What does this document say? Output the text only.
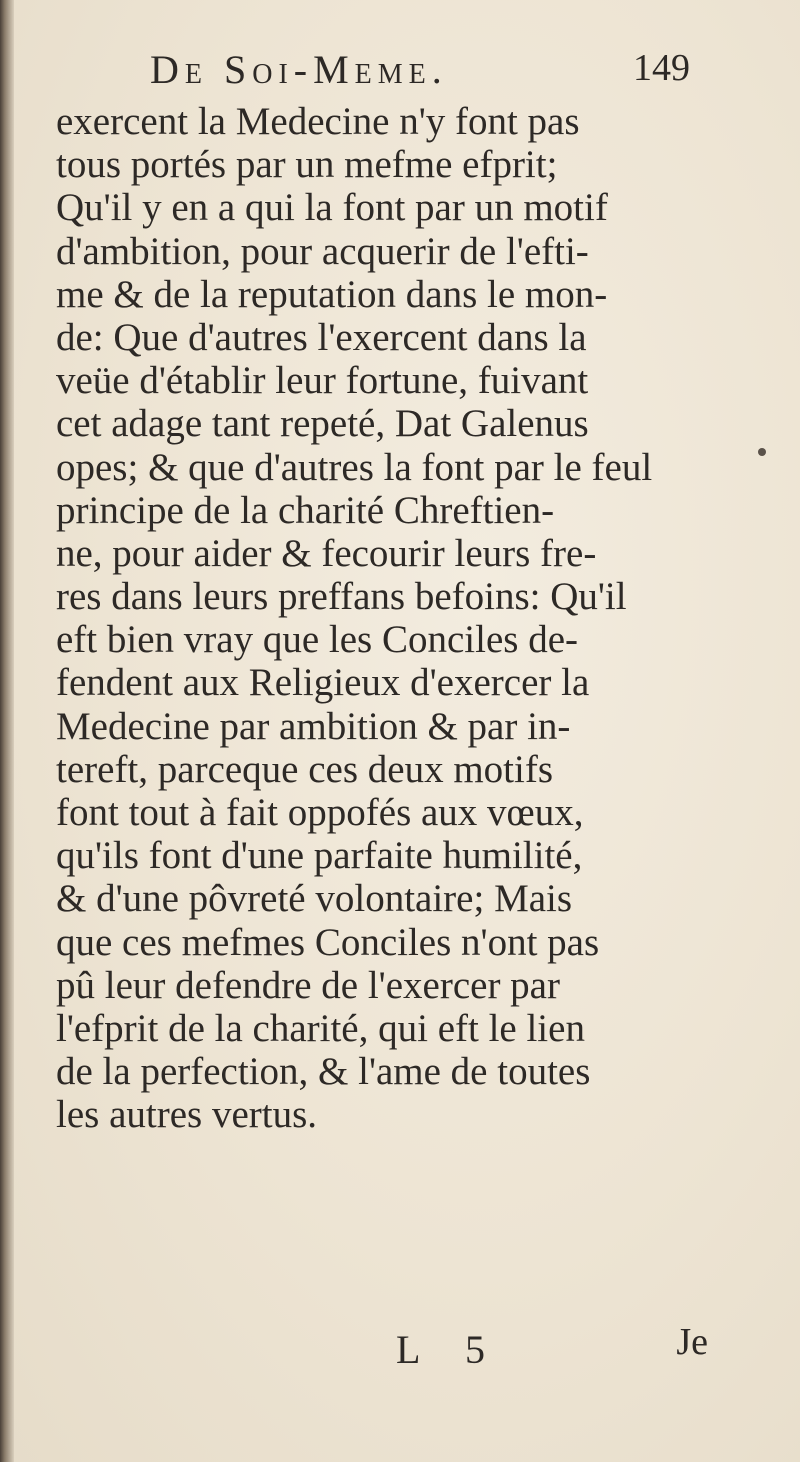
De Soi-Meme.	149
exercent la Medecine n'y font pas
tous portés par un mefme efprit;
Qu'il y en a qui la font par un motif
d'ambition, pour acquerir de l'efti-
me & de la reputation dans le mon-
de: Que d'autres l'exercent dans la
veüe d'établir leur fortune, fuivant
cet adage tant repeté, Dat Galenus
opes; & que d'autres la font par le feul
principe de la charité Chreftien-
ne, pour aider & fecourir leurs fre-
res dans leurs preffans befoins: Qu'il
eft bien vray que les Conciles de-
fendent aux Religieux d'exercer la
Medecine par ambition & par in-
tereft, parceque ces deux motifs
font tout à fait oppofés aux vœux,
qu'ils font d'une parfaite humilité,
& d'une pôvreté volontaire; Mais
que ces mefmes Conciles n'ont pas
pû leur defendre de l'exercer par
l'efprit de la charité, qui eft le lien
de la perfection, & l'ame de toutes
les autres vertus.
L 5	Je
